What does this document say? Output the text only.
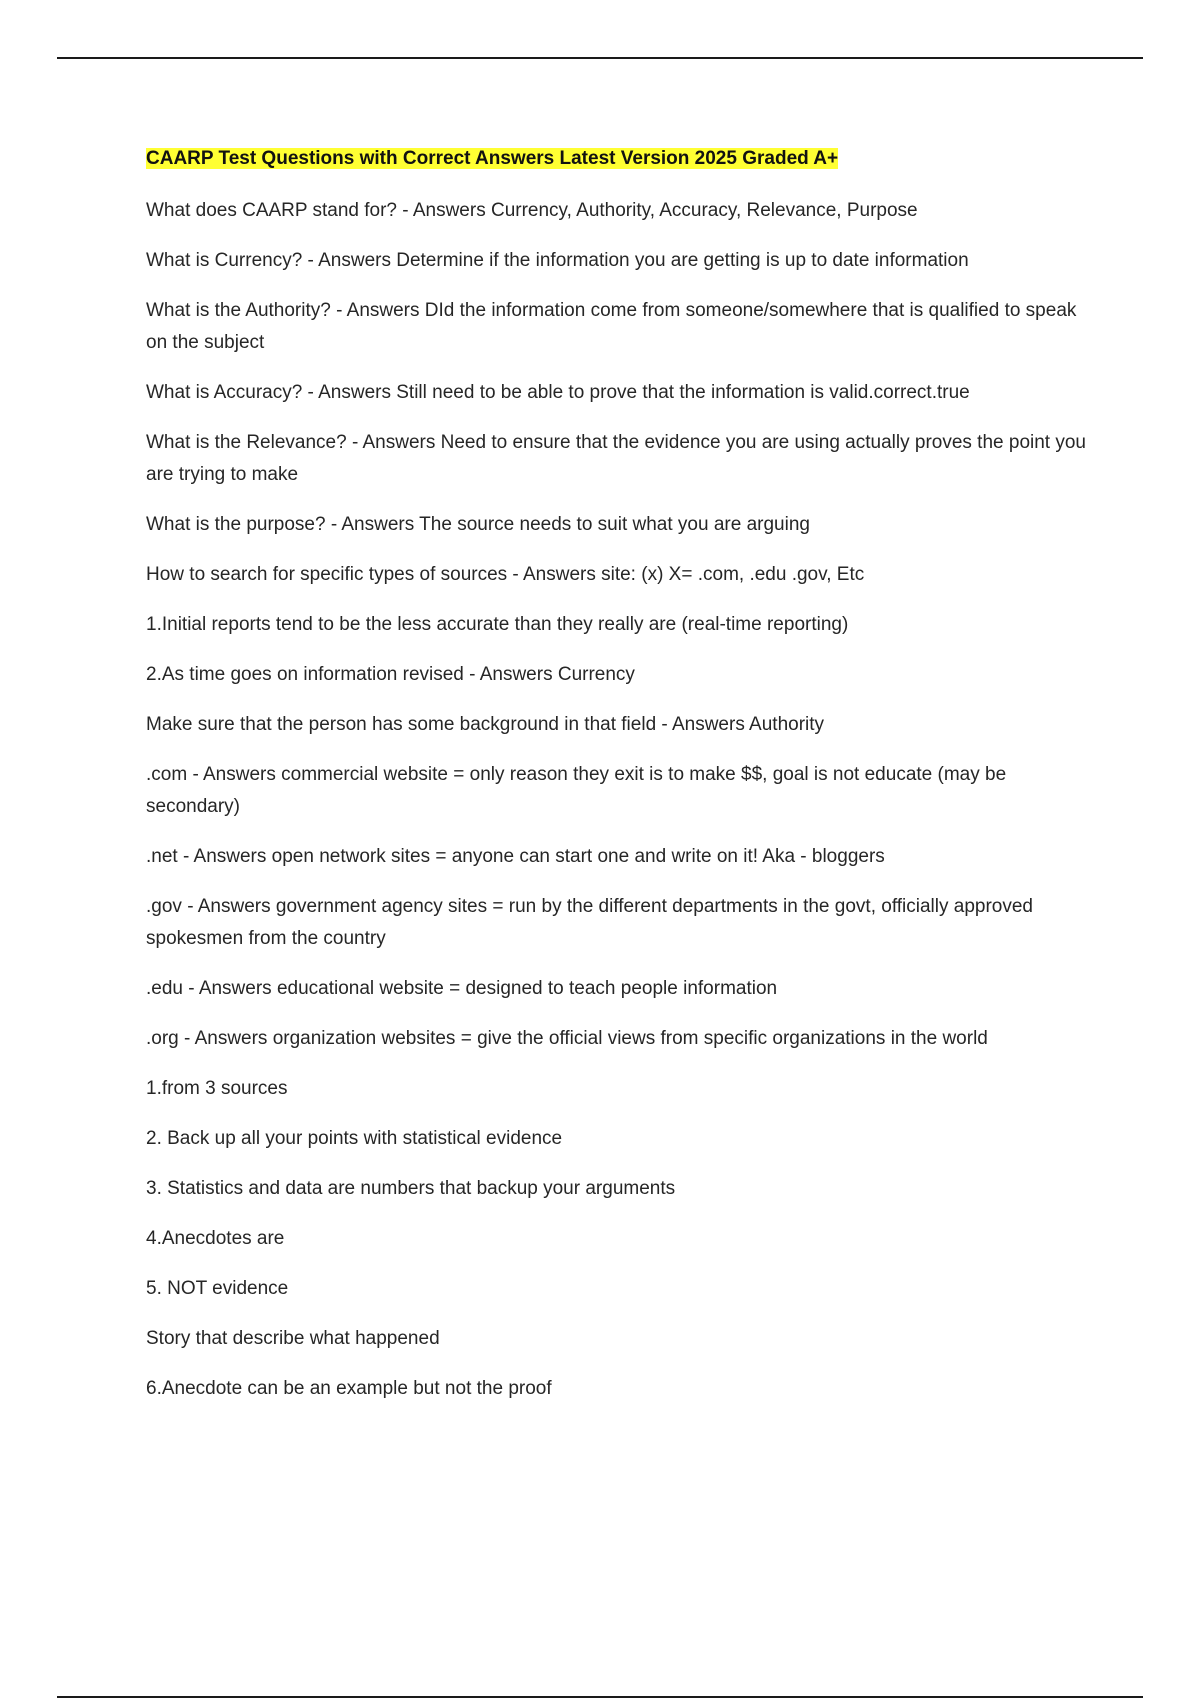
CAARP Test Questions with Correct Answers Latest Version 2025 Graded A+

What does CAARP stand for? - Answers Currency, Authority, Accuracy, Relevance, Purpose

What is Currency? - Answers Determine if the information you are getting is up to date information

What is the Authority? - Answers DId the information come from someone/somewhere that is qualified to speak on the subject

What is Accuracy? - Answers Still need to be able to prove that the information is valid.correct.true

What is the Relevance? - Answers Need to ensure that the evidence you are using actually proves the point you are trying to make

What is the purpose? - Answers The source needs to suit what you are arguing

How to search for specific types of sources - Answers site: (x) X= .com, .edu .gov, Etc

1.Initial reports tend to be the less accurate than they really are (real-time reporting)

2.As time goes on information revised - Answers Currency

Make sure that the person has some background in that field - Answers Authority

.com - Answers commercial website = only reason they exit is to make $$, goal is not educate (may be secondary)

.net - Answers open network sites = anyone can start one and write on it! Aka - bloggers

.gov - Answers government agency sites = run by the different departments in the govt, officially approved spokesmen from the country

.edu - Answers educational website = designed to teach people information

.org - Answers organization websites = give the official views from specific organizations in the world

1.from 3 sources

2. Back up all your points with statistical evidence

3. Statistics and data are numbers that backup your arguments

4.Anecdotes are

5. NOT evidence

Story that describe what happened

6.Anecdote can be an example but not the proof
